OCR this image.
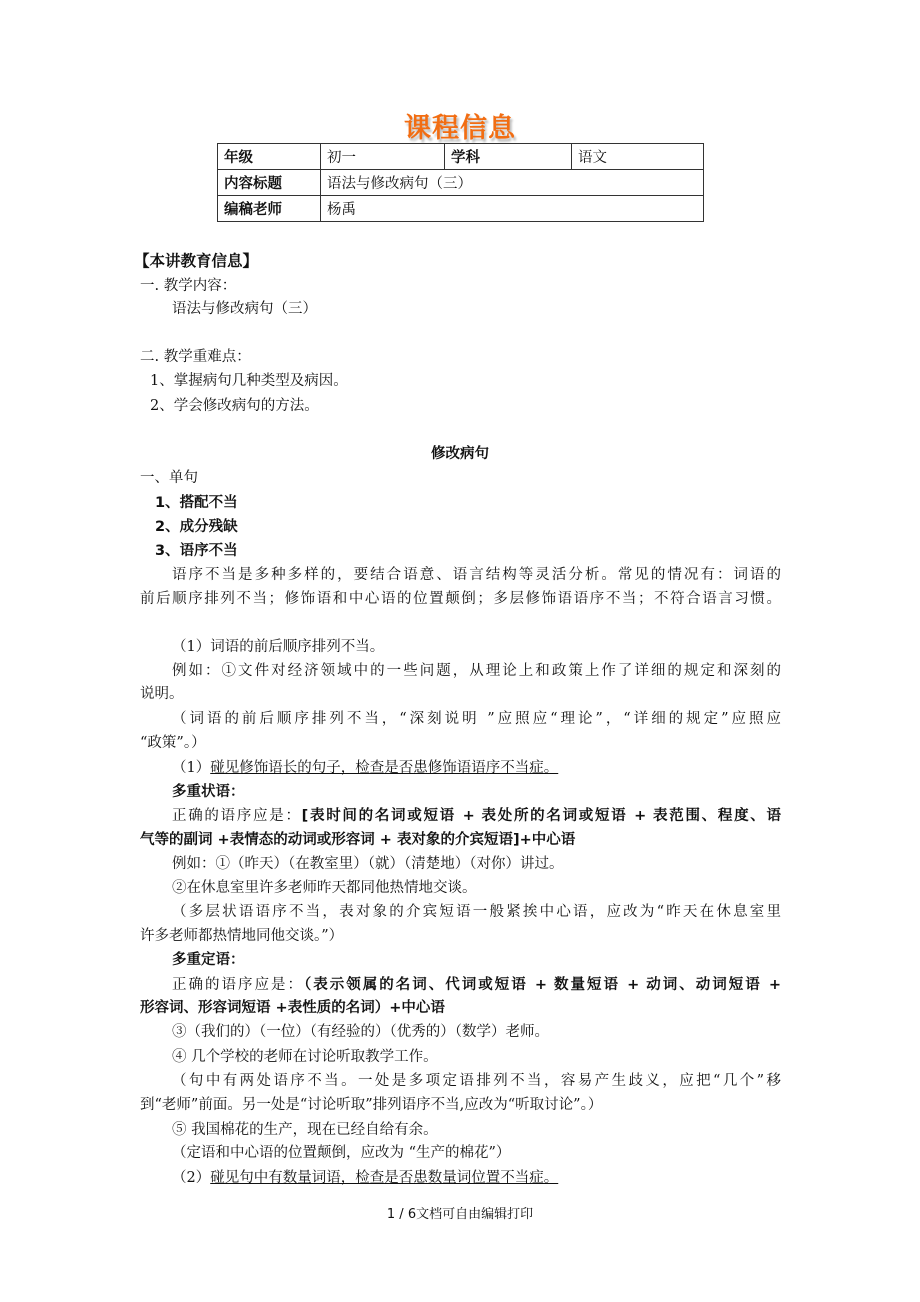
课程信息
年级	初一	学科	语文
内容标题	语法与修改病句（三）		
编稿老师	杨禹		
【本讲教育信息】
一. 教学内容：
语法与修改病句（三）
二. 教学重难点：
1、掌握病句几种类型及病因。
2、学会修改病句的方法。
修改病句
一、单句
1、搭配不当
2、成分残缺
3、语序不当
语序不当是多种多样的，要结合语意、语言结构等灵活分析。常见的情况有：词语的
前后顺序排列不当；修饰语和中心语的位置颠倒；多层修饰语语序不当；不符合语言习惯。
（1）词语的前后顺序排列不当。
例如：①文件对经济领域中的一些问题，从理论上和政策上作了详细的规定和深刻的
说明。
（词语的前后顺序排列不当，“深刻说明 ”应照应“理论”，“详细的规定”应照应
“政策”。）
（1）碰见修饰语长的句子，检查是否患修饰语语序不当症。
多重状语：
正确的语序应是：[表时间的名词或短语 + 表处所的名词或短语 + 表范围、程度、语
气等的副词 +表情态的动词或形容词 + 表对象的介宾短语]+中心语
例如：①（昨天）（在教室里）（就）（清楚地）（对你）讲过。
②在休息室里许多老师昨天都同他热情地交谈。
（多层状语语序不当，表对象的介宾短语一般紧挨中心语，应改为“昨天在休息室里
许多老师都热情地同他交谈。”）
多重定语：
正确的语序应是：（表示领属的名词、代词或短语 + 数量短语 + 动词、动词短语 +
形容词、形容词短语 +表性质的名词）+中心语
③（我们的）（一位）（有经验的）（优秀的）（数学）老师。
④ 几个学校的老师在讨论听取教学工作。
（句中有两处语序不当。一处是多项定语排列不当，容易产生歧义，应把“几个”移
到“老师”前面。另一处是“讨论听取”排列语序不当,应改为“听取讨论”。）
⑤ 我国棉花的生产，现在已经自给有余。
（定语和中心语的位置颠倒，应改为 “生产的棉花”）
（2）碰见句中有数量词语，检查是否患数量词位置不当症。
1 / 6文档可自由编辑打印
